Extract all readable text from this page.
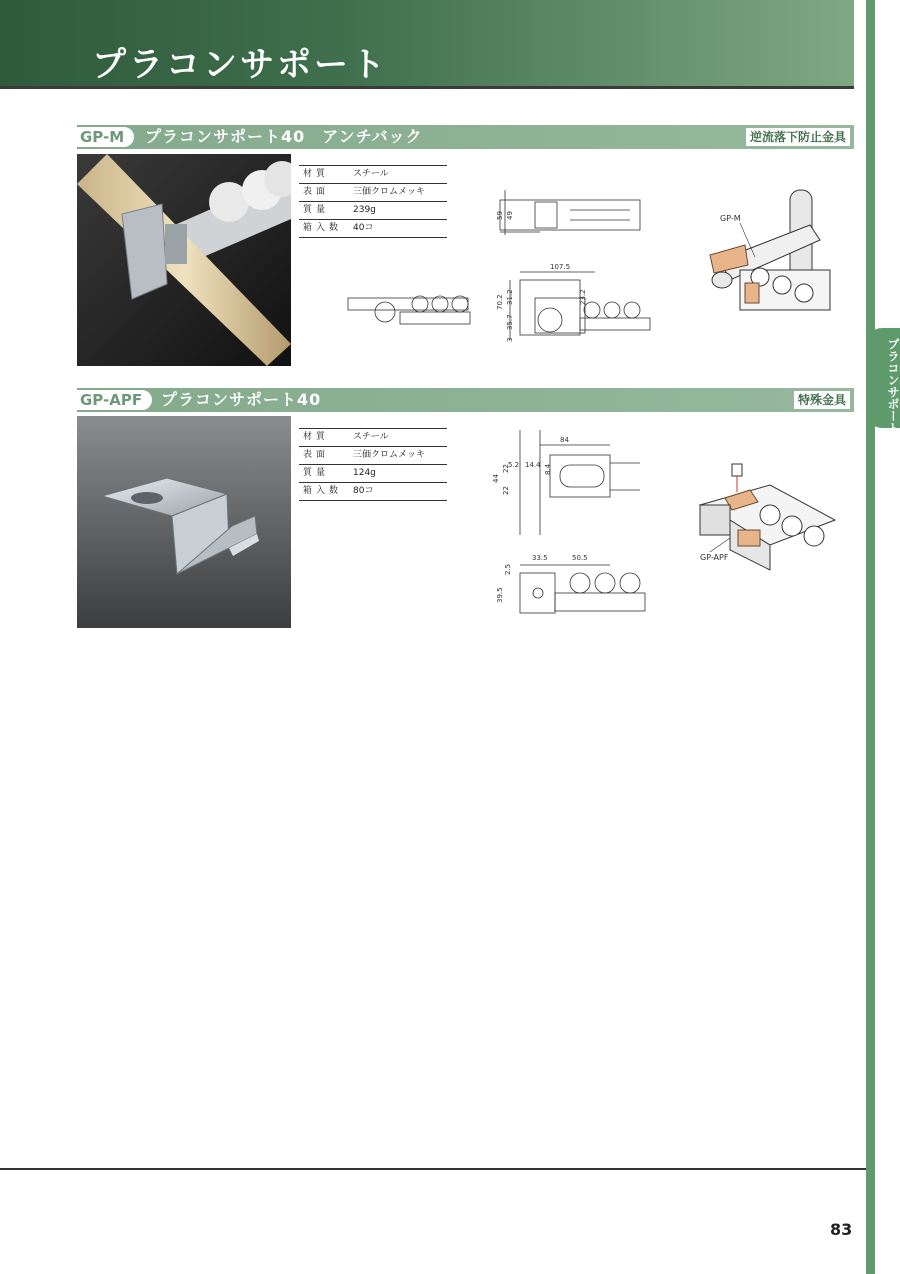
プラコンサポート
プラコンサポート
GP-M	プラコンサポート40　アンチバック	逆流落下防止金具
材質	スチール
表面	三価クロムメッキ
質量	239g
箱入数	40コ
59 49
107.5
70.2 31.2
35.7
3
23.2
GP-M
GP-APF	プラコンサポート40	特殊金具
材質	スチール
表面	三価クロムメッキ
質量	124g
箱入数	80コ
84
44
22
22
5.2 14.4 8.4
33.5	50.5
2.5
39.5
GP-APF
83
